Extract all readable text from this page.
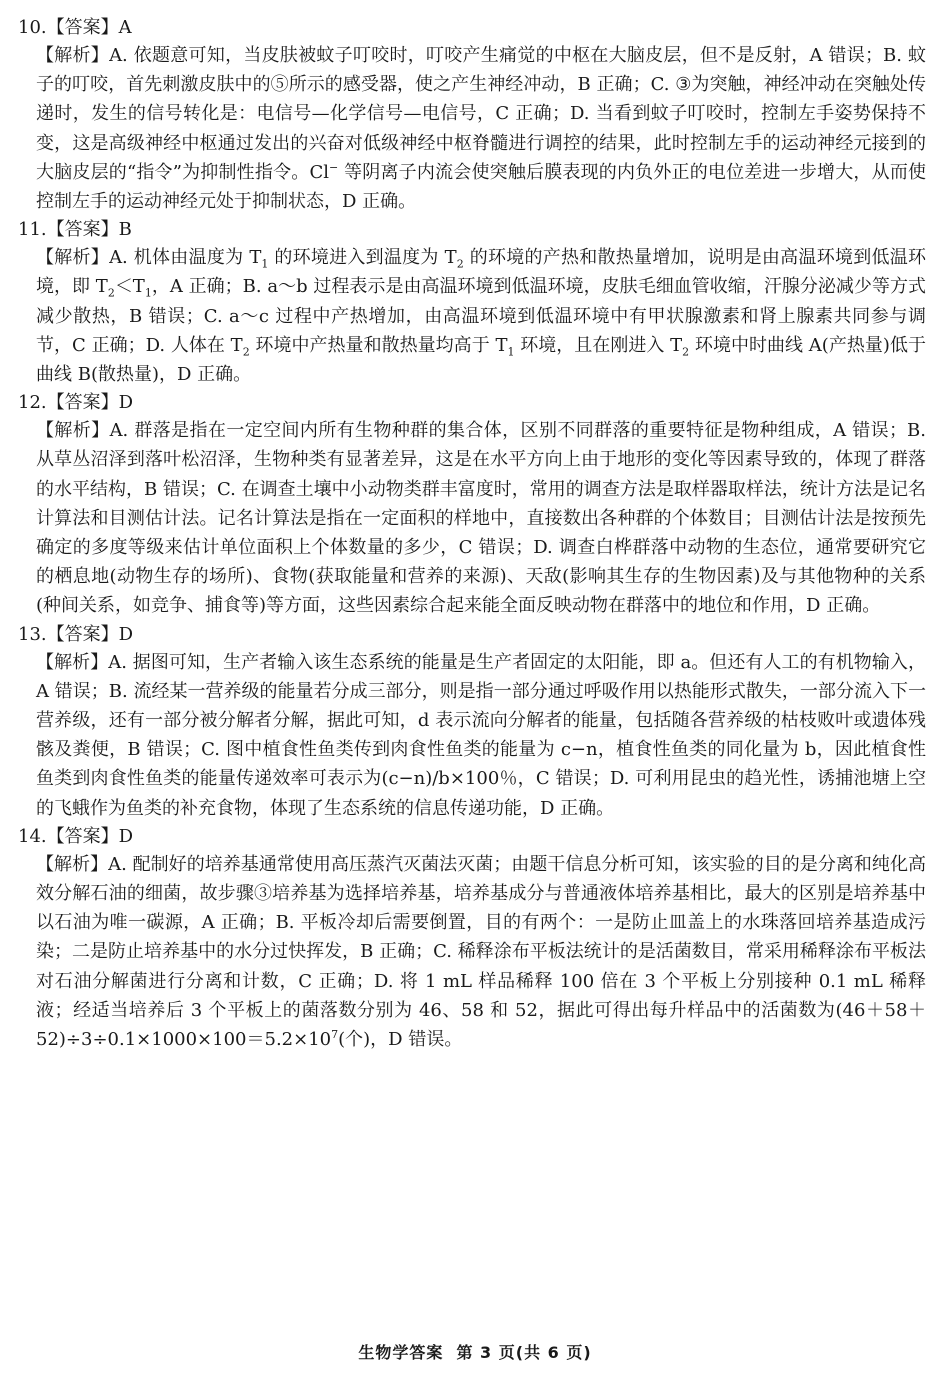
10.【答案】A

【解析】A. 依题意可知，当皮肤被蚊子叮咬时，叮咬产生痛觉的中枢在大脑皮层，但不是反射，A 错误；B. 蚊子的叮咬，首先刺激皮肤中的⑤所示的感受器，使之产生神经冲动，B 正确；C. ③为突触，神经冲动在突触处传递时，发生的信号转化是：电信号—化学信号—电信号，C 正确；D. 当看到蚊子叮咬时，控制左手姿势保持不变，这是高级神经中枢通过发出的兴奋对低级神经中枢脊髓进行调控的结果，此时控制左手的运动神经元接到的大脑皮层的“指令”为抑制性指令。Cl− 等阴离子内流会使突触后膜表现的内负外正的电位差进一步增大，从而使控制左手的运动神经元处于抑制状态，D 正确。

11.【答案】B

【解析】A. 机体由温度为 $T_1$ 的环境进入到温度为 $T_2$ 的环境的产热和散热量增加，说明是由高温环境到低温环境，即 $T_2<T_1$，A 正确；B. a～b 过程表示是由高温环境到低温环境，皮肤毛细血管收缩，汗腺分泌减少等方式减少散热，B 错误；C. a～c 过程中产热增加，由高温环境到低温环境中有甲状腺激素和肾上腺素共同参与调节，C 正确；D. 人体在 $T_2$ 环境中产热量和散热量均高于 $T_1$ 环境，且在刚进入 $T_2$ 环境中时曲线 A(产热量)低于曲线 B(散热量)，D 正确。

12.【答案】D

【解析】A. 群落是指在一定空间内所有生物种群的集合体，区别不同群落的重要特征是物种组成，A 错误；B. 从草丛沼泽到落叶松沼泽，生物种类有显著差异，这是在水平方向上由于地形的变化等因素导致的，体现了群落的水平结构，B 错误；C. 在调查土壤中小动物类群丰富度时，常用的调查方法是取样器取样法，统计方法是记名计算法和目测估计法。记名计算法是指在一定面积的样地中，直接数出各种群的个体数目；目测估计法是按预先确定的多度等级来估计单位面积上个体数量的多少，C 错误；D. 调查白桦群落中动物的生态位，通常要研究它的栖息地(动物生存的场所)、食物(获取能量和营养的来源)、天敌(影响其生存的生物因素)及与其他物种的关系(种间关系，如竞争、捕食等)等方面，这些因素综合起来能全面反映动物在群落中的地位和作用，D 正确。

13.【答案】D

【解析】A. 据图可知，生产者输入该生态系统的能量是生产者固定的太阳能，即 a。但还有人工的有机物输入，A 错误；B. 流经某一营养级的能量若分成三部分，则是指一部分通过呼吸作用以热能形式散失，一部分流入下一营养级，还有一部分被分解者分解，据此可知，d 表示流向分解者的能量，包括随各营养级的枯枝败叶或遗体残骸及粪便，B 错误；C. 图中植食性鱼类传到肉食性鱼类的能量为 c−n，植食性鱼类的同化量为 b，因此植食性鱼类到肉食性鱼类的能量传递效率可表示为(c−n)/b×100％，C 错误；D. 可利用昆虫的趋光性，诱捕池塘上空的飞蛾作为鱼类的补充食物，体现了生态系统的信息传递功能，D 正确。

14.【答案】D

【解析】A. 配制好的培养基通常使用高压蒸汽灭菌法灭菌；由题干信息分析可知，该实验的目的是分离和纯化高效分解石油的细菌，故步骤③培养基为选择培养基，培养基成分与普通液体培养基相比，最大的区别是培养基中以石油为唯一碳源，A 正确；B. 平板冷却后需要倒置，目的有两个：一是防止皿盖上的水珠落回培养基造成污染；二是防止培养基中的水分过快挥发，B 正确；C. 稀释涂布平板法统计的是活菌数目，常采用稀释涂布平板法对石油分解菌进行分离和计数，C 正确；D. 将 1 mL 样品稀释 100 倍在 3 个平板上分别接种 0.1 mL 稀释液；经适当培养后 3 个平板上的菌落数分别为 46、58 和 52，据此可得出每升样品中的活菌数为$(46+58+52)\div 3\div 0.1\times 1000\times 100=5.2\times 10^7$(个)，D 错误。

生物学答案 第 3 页(共 6 页)
